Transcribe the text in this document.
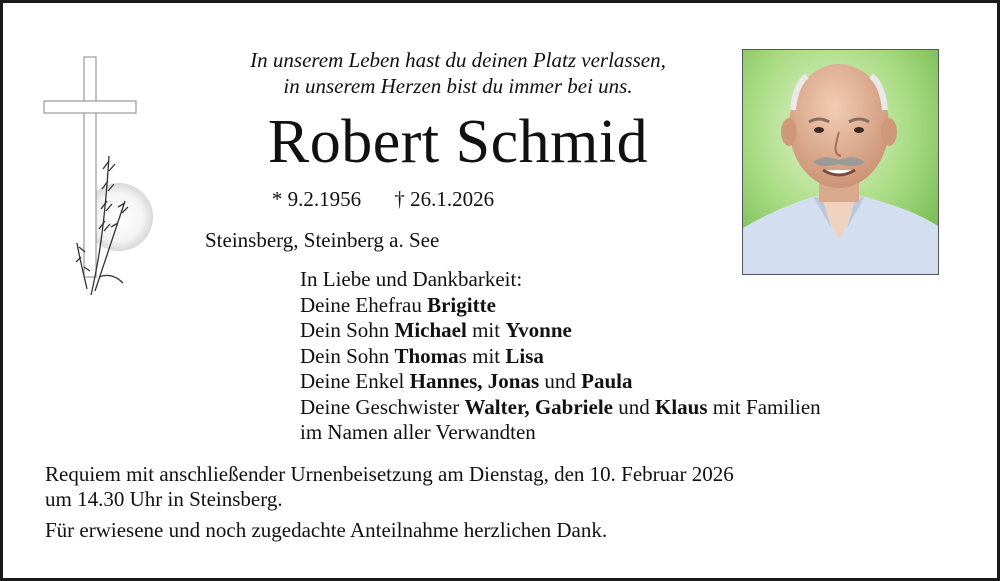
In unserem Leben hast du deinen Platz verlassen,
in unserem Herzen bist du immer bei uns.
Robert Schmid
* 9.2.1956 † 26.1.2026
Steinsberg, Steinberg a. See
In Liebe und Dankbarkeit:
Deine Ehefrau Brigitte
Dein Sohn Michael mit Yvonne
Dein Sohn Thomas mit Lisa
Deine Enkel Hannes, Jonas und Paula
Deine Geschwister Walter, Gabriele und Klaus mit Familien
im Namen aller Verwandten
Requiem mit anschließender Urnenbeisetzung am Dienstag, den 10. Februar 2026
um 14.30 Uhr in Steinsberg.
Für erwiesene und noch zugedachte Anteilnahme herzlichen Dank.
